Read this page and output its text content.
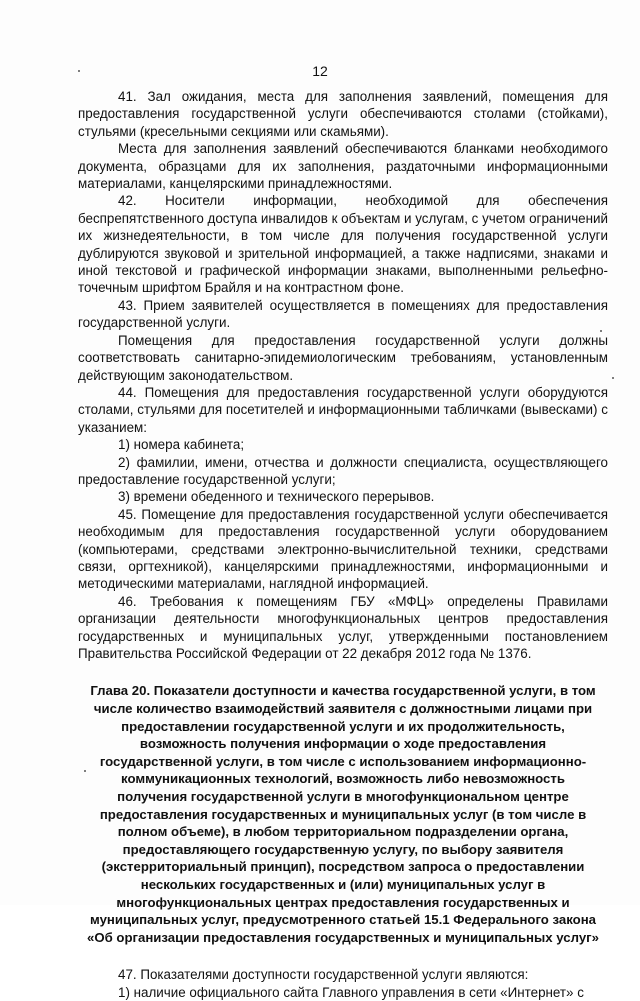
12

41. Зал ожидания, места для заполнения заявлений, помещения для предоставления государственной услуги обеспечиваются столами (стойками), стульями (кресельными секциями или скамьями).

Места для заполнения заявлений обеспечиваются бланками необходимого документа, образцами для их заполнения, раздаточными информационными материалами, канцелярскими принадлежностями.

42. Носители информации, необходимой для обеспечения беспрепятственного доступа инвалидов к объектам и услугам, с учетом ограничений их жизнедеятельности, в том числе для получения государственной услуги дублируются звуковой и зрительной информацией, а также надписями, знаками и иной текстовой и графической информации знаками, выполненными рельефно-точечным шрифтом Брайля и на контрастном фоне.

43. Прием заявителей осуществляется в помещениях для предоставления государственной услуги.

Помещения для предоставления государственной услуги должны соответствовать санитарно-эпидемиологическим требованиям, установленным действующим законодательством.

44. Помещения для предоставления государственной услуги оборудуются столами, стульями для посетителей и информационными табличками (вывесками) с указанием:

1) номера кабинета;

2) фамилии, имени, отчества и должности специалиста, осуществляющего предоставление государственной услуги;

3) времени обеденного и технического перерывов.

45. Помещение для предоставления государственной услуги обеспечивается необходимым для предоставления государственной услуги оборудованием (компьютерами, средствами электронно-вычислительной техники, средствами связи, оргтехникой), канцелярскими принадлежностями, информационными и методическими материалами, наглядной информацией.

46. Требования к помещениям ГБУ «МФЦ» определены Правилами организации деятельности многофункциональных центров предоставления государственных и муниципальных услуг, утвержденными постановлением Правительства Российской Федерации от 22 декабря 2012 года № 1376.

Глава 20. Показатели доступности и качества государственной услуги, в том числе количество взаимодействий заявителя с должностными лицами при предоставлении государственной услуги и их продолжительность, возможность получения информации о ходе предоставления государственной услуги, в том числе с использованием информационно-коммуникационных технологий, возможность либо невозможность получения государственной услуги в многофункциональном центре предоставления государственных и муниципальных услуг (в том числе в полном объеме), в любом территориальном подразделении органа, предоставляющего государственную услугу, по выбору заявителя (экстерриториальный принцип), посредством запроса о предоставлении нескольких государственных и (или) муниципальных услуг в многофункциональных центрах предоставления государственных и муниципальных услуг, предусмотренного статьей 15.1 Федерального закона «Об организации предоставления государственных и муниципальных услуг»

47. Показателями доступности государственной услуги являются:

1) наличие официального сайта Главного управления в сети «Интернет» с
